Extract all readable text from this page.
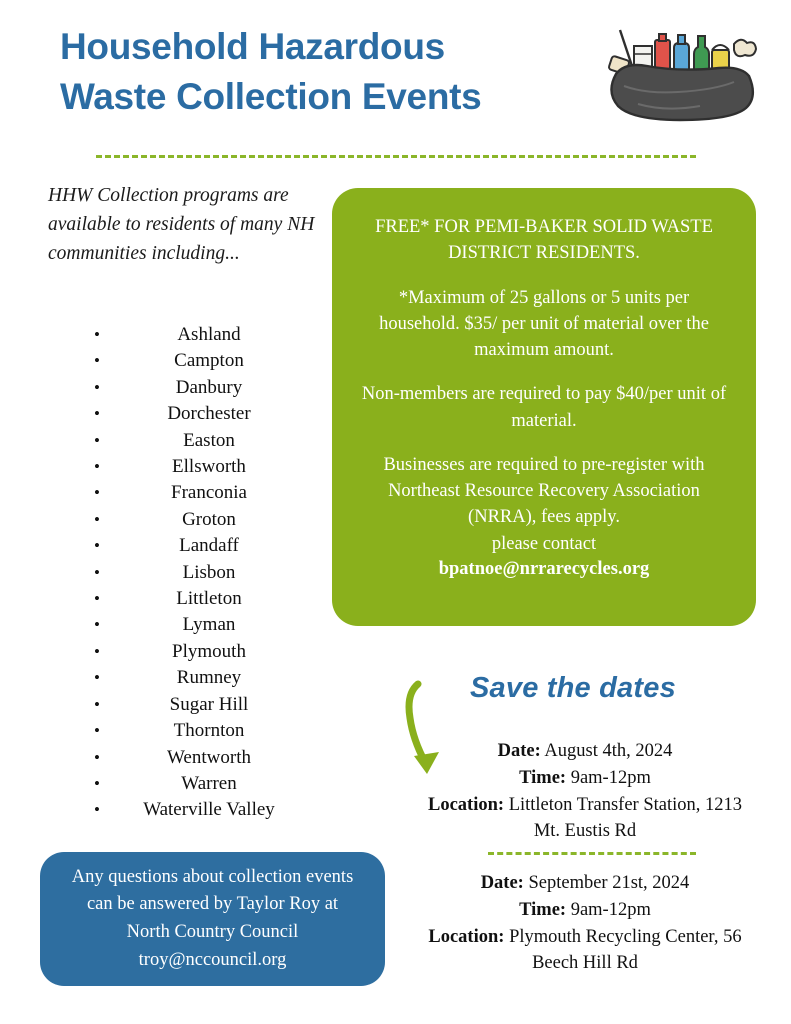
Household Hazardous
Waste Collection Events
HHW Collection programs are available to residents of many NH communities including...
• Ashland
• Campton
• Danbury
• Dorchester
• Easton
• Ellsworth
• Franconia
• Groton
• Landaff
• Lisbon
• Littleton
• Lyman
• Plymouth
• Rumney
• Sugar Hill
• Thornton
• Wentworth
• Warren
• Waterville Valley

FREE* FOR PEMI-BAKER SOLID WASTE DISTRICT RESIDENTS.

*Maximum of 25 gallons or 5 units per household. $35/ per unit of material over the maximum amount.

Non-members are required to pay $40/per unit of material.

Businesses are required to pre-register with Northeast Resource Recovery Association (NRRA), fees apply.

please contact

bpatnoe@nrrarecycles.org
Save the dates
Date: August 4th, 2024
Time: 9am-12pm
Location: Littleton Transfer Station, 1213 Mt. Eustis Rd
Date: September 21st, 2024
Time: 9am-12pm
Location: Plymouth Recycling Center, 56 Beech Hill Rd

Any questions about collection events can be answered by Taylor Roy at North Country Council troy@nccouncil.org
